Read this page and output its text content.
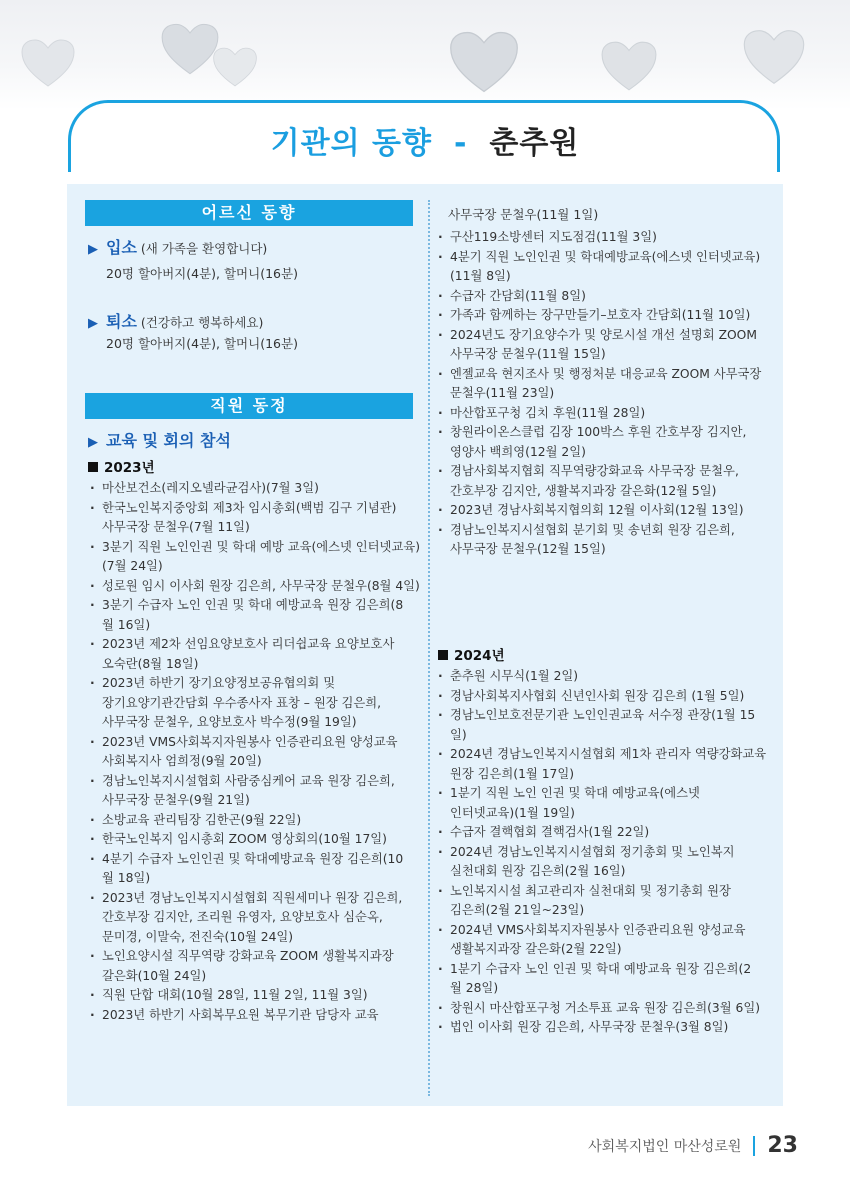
기관의 동향 - 춘추원
어르신 동향
▶ 입소 (새 가족을 환영합니다)
20명 할아버지(4분), 할머니(16분)
▶ 퇴소 (건강하고 행복하세요)
20명 할아버지(4분), 할머니(16분)
직원 동정
▶ 교육 및 회의 참석
2023년
· 마산보건소(레지오넬라균검사)(7월 3일)
· 한국노인복지중앙회 제3차 임시총회(백범 김구 기념관)
사무국장 문철우(7월 11일)
· 3분기 직원 노인인권 및 학대 예방 교육(에스넷 인터넷교육)
(7월 24일)
· 성로원 임시 이사회 원장 김은희, 사무국장 문철우(8월 4일)
· 3분기 수급자 노인 인권 및 학대 예방교육 원장 김은희(8
월 16일)
· 2023년 제2차 선임요양보호사 리더쉽교육 요양보호사
오숙란(8월 18일)
· 2023년 하반기 장기요양정보공유협의회 및
장기요양기관간담회 우수종사자 표창 – 원장 김은희,
사무국장 문철우, 요양보호사 박수정(9월 19일)
· 2023년 VMS사회복지자원봉사 인증관리요원 양성교육
사회복지사 엄희정(9월 20일)
· 경남노인복지시설협회 사람중심케어 교육 원장 김은희,
사무국장 문철우(9월 21일)
· 소방교육 관리팀장 김한곤(9월 22일)
· 한국노인복지 임시총회 ZOOM 영상회의(10월 17일)
· 4분기 수급자 노인인권 및 학대예방교육 원장 김은희(10
월 18일)
· 2023년 경남노인복지시설협회 직원세미나 원장 김은희,
간호부장 김지안, 조리원 유영자, 요양보호사 심순옥,
문미경, 이말숙, 전진숙(10월 24일)
· 노인요양시설 직무역량 강화교육 ZOOM 생활복지과장
갈은화(10월 24일)
· 직원 단합 대회(10월 28일, 11월 2일, 11월 3일)
· 2023년 하반기 사회복무요원 복무기관 담당자 교육
사무국장 문철우(11월 1일)
· 구산119소방센터 지도점검(11월 3일)
· 4분기 직원 노인인권 및 학대예방교육(에스넷 인터넷교육)
(11월 8일)
· 수급자 간담회(11월 8일)
· 가족과 함께하는 장구만들기–보호자 간담회(11월 10일)
· 2024년도 장기요양수가 및 양로시설 개선 설명회 ZOOM
사무국장 문철우(11월 15일)
· 엔젤교육 현지조사 및 행정처분 대응교육 ZOOM 사무국장
문철우(11월 23일)
· 마산합포구청 김치 후원(11월 28일)
· 창원라이온스클럽 김장 100박스 후원 간호부장 김지안,
영양사 백희영(12월 2일)
· 경남사회복지협회 직무역량강화교육 사무국장 문철우,
간호부장 김지안, 생활복지과장 갈은화(12월 5일)
· 2023년 경남사회복지협의회 12월 이사회(12월 13일)
· 경남노인복지시설협회 분기회 및 송년회 원장 김은희,
사무국장 문철우(12월 15일)
2024년
· 춘추원 시무식(1월 2일)
· 경남사회복지사협회 신년인사회 원장 김은희 (1월 5일)
· 경남노인보호전문기관 노인인권교육 서수정 관장(1월 15
일)
· 2024년 경남노인복지시설협회 제1차 관리자 역량강화교육
원장 김은희(1월 17일)
· 1분기 직원 노인 인권 및 학대 예방교육(에스넷
인터넷교육)(1월 19일)
· 수급자 결핵협회 결핵검사(1월 22일)
· 2024년 경남노인복지시설협회 정기총회 및 노인복지
실천대회 원장 김은희(2월 16일)
· 노인복지시설 최고관리자 실천대회 및 정기총회 원장
김은희(2월 21일~23일)
· 2024년 VMS사회복지자원봉사 인증관리요원 양성교육
생활복지과장 갈은화(2월 22일)
· 1분기 수급자 노인 인권 및 학대 예방교육 원장 김은희(2
월 28일)
· 창원시 마산합포구청 거소투표 교육 원장 김은희(3월 6일)
· 법인 이사회 원장 김은희, 사무국장 문철우(3월 8일)
사회복지법인 마산성로원 23
